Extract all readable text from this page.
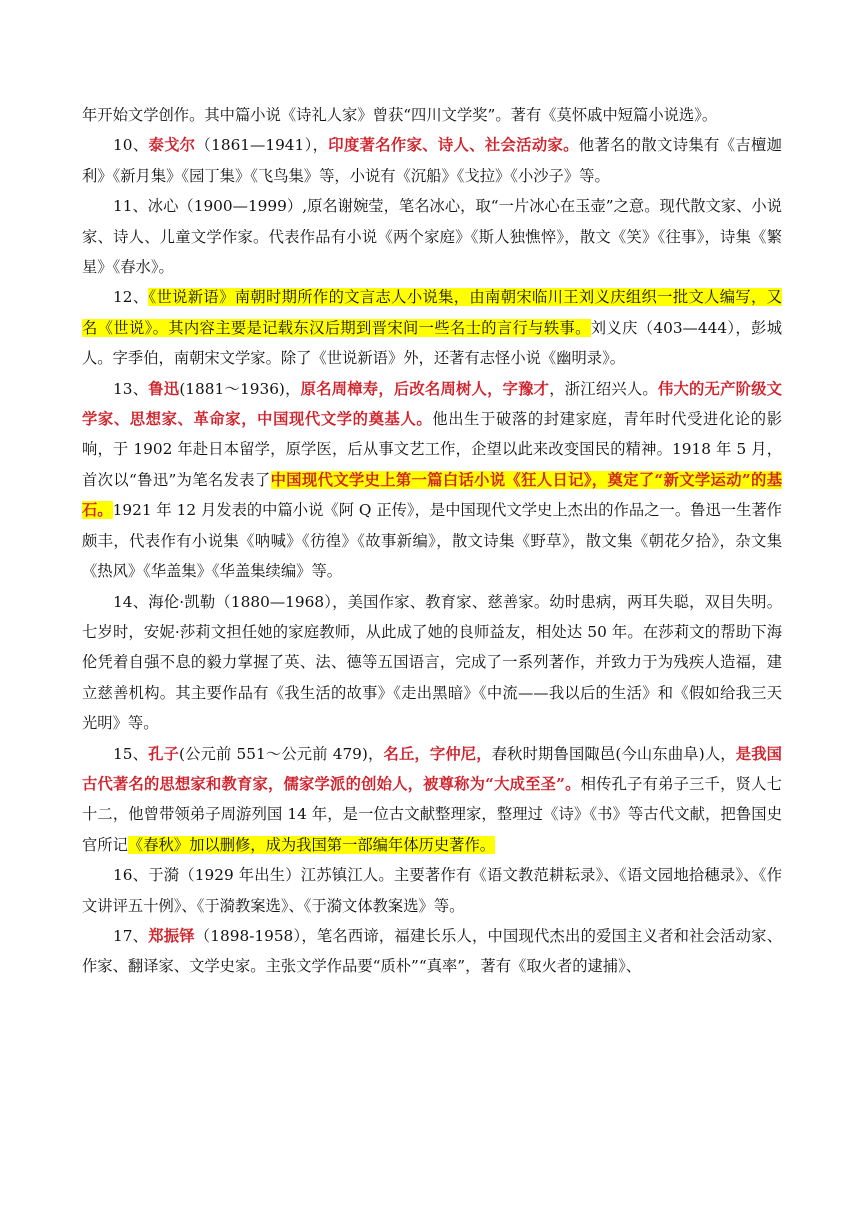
年开始文学创作。其中篇小说《诗礼人家》曾获“四川文学奖”。著有《莫怀戚中短篇小说选》。

10、泰戈尔（1861—1941），印度著名作家、诗人、社会活动家。他著名的散文诗集有《吉檀迦利》《新月集》《园丁集》《飞鸟集》等，小说有《沉船》《戈拉》《小沙子》等。

11、冰心（1900—1999）,原名谢婉莹，笔名冰心，取“一片冰心在玉壶”之意。现代散文家、小说家、诗人、儿童文学作家。代表作品有小说《两个家庭》《斯人独憔悴》，散文《笑》《往事》，诗集《繁星》《春水》。

12、《世说新语》南朝时期所作的文言志人小说集，由南朝宋临川王刘义庆组织一批文人编写，又名《世说》。其内容主要是记载东汉后期到晋宋间一些名士的言行与轶事。刘义庆（403—444），彭城人。字季伯，南朝宋文学家。除了《世说新语》外，还著有志怪小说《幽明录》。

13、鲁迅(1881～1936)，原名周樟寿，后改名周树人，字豫才，浙江绍兴人。伟大的无产阶级文学家、思想家、革命家，中国现代文学的奠基人。他出生于破落的封建家庭，青年时代受进化论的影响，于 1902 年赴日本留学，原学医，后从事文艺工作，企望以此来改变国民的精神。1918 年 5 月，首次以“鲁迅”为笔名发表了中国现代文学史上第一篇白话小说《狂人日记》，奠定了“新文学运动”的基石。1921 年 12 月发表的中篇小说《阿 Q 正传》，是中国现代文学史上杰出的作品之一。鲁迅一生著作颇丰，代表作有小说集《呐喊》《彷徨》《故事新编》，散文诗集《野草》，散文集《朝花夕拾》，杂文集《热风》《华盖集》《华盖集续编》等。

14、海伦·凯勒（1880—1968），美国作家、教育家、慈善家。幼时患病，两耳失聪，双目失明。七岁时，安妮·莎莉文担任她的家庭教师，从此成了她的良师益友，相处达 50 年。在莎莉文的帮助下海伦凭着自强不息的毅力掌握了英、法、德等五国语言，完成了一系列著作，并致力于为残疾人造福，建立慈善机构。其主要作品有《我生活的故事》《走出黑暗》《中流——我以后的生活》和《假如给我三天光明》等。

15、孔子(公元前 551～公元前 479)，名丘，字仲尼，春秋时期鲁国陬邑(今山东曲阜)人，是我国古代著名的思想家和教育家，儒家学派的创始人，被尊称为“大成至圣”。相传孔子有弟子三千，贤人七十二，他曾带领弟子周游列国 14 年，是一位古文献整理家，整理过《诗》《书》等古代文献，把鲁国史官所记《春秋》加以删修，成为我国第一部编年体历史著作。

16、于漪（1929 年出生）江苏镇江人。主要著作有《语文教范耕耘录》、《语文园地拾穗录》、《作文讲评五十例》、《于漪教案选》、《于漪文体教案选》等。

17、郑振铎（1898-1958），笔名西谛，福建长乐人，中国现代杰出的爱国主义者和社会活动家、作家、翻译家、文学史家。主张文学作品要“质朴”“真率”，著有《取火者的逮捕》、
